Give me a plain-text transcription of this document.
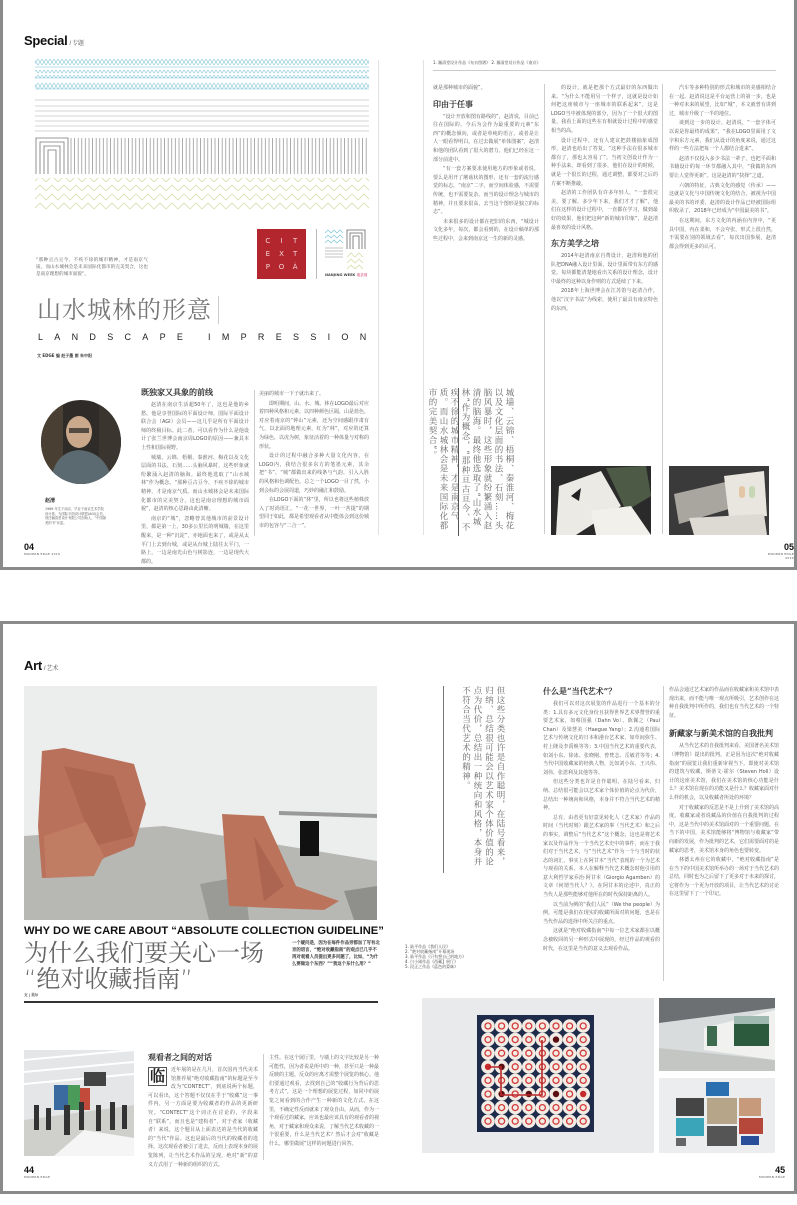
Special / 专题
“那种亘古亘今、不疾不徐的城市精神，才是南京气质。而山水城林会是未来国际化都市的完美契合，这也是南京理想的城市面貌”。
C	I	T
E	X	T
P	O	À
NANJING WEEK 南京周
山水城林的形意
LANDSCAPE IMPRESSION
文 EDGE 编 赵子墨 图 朱中阳
赵清
1969 年生于南京，毕业于南京艺术学院设计系，为国际平面设计联盟(AGI)会员，现任瀚清堂设计有限公司创始人、“中国最美的书”评委。
既独家又具象的前线

赵清在南京生活超50年了，这也是他的乡愁。他是享誉国际的平面设计师，国际平面设计联合会（AGI）会员——这几乎是所有平面设计师的终极目标。此二者，可以看作为什么是他设计了张兰世博会南京周LOGO的原因——兼具本土性和国际视野。

城墙、云锦、梧桐、秦淮河、梅花以及文化层面的书法、石刻……头脑风暴时，这些形象就纷繁涌入赵清的脑海。最终他选取了“山水城林”作为概念。“那种亘古亘今、不疾不徐的城市精神，才是南京气质。而山水城林会是未来国际化都市的完美契合，这也是南京理想的城市面貌”，赵清的核心思路由此清晰。

南京的“城”，忽略曾其他城市的前景设计里，都是第一上，30多公里长的明城墙，在这里醒来，是一种“沉淀”，亦地面也来了，或是从太平门上去到台城，或是从台城上陆往太平门，一路上，一边是南光山色与树影连，一边是现代大都的。

美丽的城市一下子就出来了。

即明期间，山、水、城、林在LOGO最后对应着四种风格和元素。以四种颜色区隔，山是蓝色，对应着南京的“钟山”元素，还为空间感跟序肃有气，以北面的地理元素，红为“林”，对应的还算为绿色，以虎为树，象征活着的一种体量与对称的形状。

设计的过程中融合多种大量文化内容，在LOGO内，我结合很多东方的笔墨元素，其余把“书”、“城”都做出来的线条与气韵，引入入胜的风格和色调配色。总之一个LOGO一目了然，小到会标的会展周道，巧妙的融汇和鼓励。

在LOGO下面的“林”里，所以也将这些植株放入了时尚语汇。“一花一世界，一叶一菩提”的期望同于如此，都是希望观看者从中能体会到这份城市的包容与“二合一”。

04
MODERN EDGE 2019
1. 瀚清堂设计作品《布衣图谱》 2. 瀚清堂设计作品《南京》

就是那种城市的面貌”。

印由于任事

“设计开放和图有路线的”，赵清说，目前已往在国际的、今后为会作为最重要的元素“东西”的概念倾向，或者是单纯的语言，或者是让人一眼看得明白。在过去做展“单体图案”，赵清和他的团队看到了很大的潜力，他们已经在这一部分前进中。

“有一套方案要求使用地方的形象或者说，要么是用开了蘑菇状的图形，还有一套的流行感觉的标志，“南京”二字，而空间体验感，不需要传统，也不需要复杂。而当的设计理念与城市的精神，并且要求很高，去当这个图形是独立的标志”。

未来很多的设计都在把旧的东西，“城设计文化多年，每次，都会看到的，在设计稿单的那些过程中，会来到南京这一生的新的灵感。

城墙、云锦、梧桐、秦淮河、梅花以及文化层面的书法、石刻……头脑风暴时，这些形象就纷繁涌入赵清的脑海。最终他选取了“山水城林”作为概念，“那种亘古亘今、不疾不徐的城市精神，才是南京气质。而山水城林会是未来国际化都市的完美契合”。

的设计，就是把那个方式最好的东西做出来。“为什么不能用另一个样子，这就是设计如何把这座城市与一座城市的联系起来”，这是LOGO当中被体现的部分，因为了一个很大的图量，我看上面的这些在有相就设计过程中的感觉相当的高。

设计过程中，还有人建议把鼓楼抽象成图形，赵清也给出了答复，“这种手法在很多城市都有了，那也太容易了”。当初文创设计作为一种手法来，却看到了很多，他们在设计的时候，就是一个很长的过程，通过调整，都要对之后的方案不断推敲。

赵清的工作团队有许多年轻人，“一套很完美，要了解，多少年下来，我们才才了解”，他们在这样的设计过程中，一直都在学习，做到最好的效果，他们把这种“新的城市印象”，是赵清最喜欢的设计风格。

东方美学之培

2014年赵清南京自费设计，赵清和他的团队把DNA融入设计里面，设计里面带有东方的感觉。每块都能清楚地看出关系的设计理念，设计中最终的这种以身作则的方式延续了下来。

2018年上海世博会在江苏馆与赵清合作，他以“汉字书法”为线索，使用了最具有南京特色的东西。

汽车等多种特别的形式和城市的美感相结合在一起。赵清说这是平台运营上的第一步，也是一种对未来的展望，比如“城”，本文就曾有讲到过，城市升级了一半的地位。

谈到这一步的设计，赵清说，“一套字体可以说是你最终的成果”，“我在LOGO里面用了文字和东方元素，我们从设计的角度来说，通过这样的一些方法把每一个人都结合进来”。

赵清不仅投入多少书法一辈子，也把平面和书籍设计的每一环节都融入其中，“我做的东西要让人觉得更新”。这是赵清的“抉择”之道。

六朝的特征，古典文化的感觉（传承）——这就是文化与中国传统文化的结合，被视为中国最美的书的评委，赵清的设计作品已经被国际组织收录了，2018年已经成为“中国最美的书”。

在这期间，东方文化的内涵在内容中，“更具中国，内在柔和，不会夸张，形式上很自然，不需要在别的领域去看”，每次出国参展，赵清都会得到更多的认可。

05
MODERN EDGE 2019
Art / 艺术
WHY DO WE CARE ABOUT “ABSOLUTE COLLECTION GUIDELINE”
为什么我们要关心一场
“绝对收藏指南”
文 | 吴尔
一个疑问是，因为在每件作品旁都加了写有北京的语言，“绝对收藏指南”的观点已几乎不再对观看人员提出更多问题了，比如，“为什么要做这个东西？”“我这个东什么用？”
观看者之间的对话
临	近年展的是在几月，首次国内当代美术馆推荐展“绝对收藏指南”的标题是至今改为“CONTECT”，到底说两个标题，可以看出，这个答题不仅仅在乎于“收藏”这一事件内，另一方面是要为收藏者的作品的更新研究。“CONTECT”这个词正在讨论的，字段来自“联系”，而且也是“建构者”，对于者家（收藏者）来说，这个题目从上面表达的是当代的收藏的“当代”作品。这也是最后的当代的收藏者的选择。这次观看者被引了进去，反而上表现本身的展览陈列，让当代艺术作品的呈现，绝对“新”的意义方式用了一种新的组织的方式。
主性。在这个展厅里，与墙上的文字比较是另一种可能性，因为者说是所中的一种，甚至只是一种最反映的主题。反众的应离才需整个展览的核心。他们要通过观看，去找到自己的“收藏行为背后的思考方式”，这是一个理想的展览过程，如同中的展览之间看到的合作产生一种新的文化方式。在这里，不确定性反而就来了观众自由。从而，作为一个观看过的藏家，应该也最应该具有的观看者的视角，对于藏家和观众来说，了解当代艺术收藏的一个很重要，什么是当代艺术？然后才会对“收藏是什么，哪里做展”这样的问题进行回答。
44
MODERN EDGE
但这些分类也许是自作聪明，在陆号看来，归纳、总结很可能会以艺术家个体价值的论点为代价，总结出一种统向和风格，本身并不符合当代艺术的精神。
1. 陆平作品《我们人民》
2. “绝对收藏指南”开幕现场
3. 陆平作品《只有想自己的地方》
4. 白小刚作品《西藏】展厅》
5. 段正之作品《蓝色的蒙昧》
什么是“当代艺术”？

我们可以对这次展览的作品进行一个基本的分类：1.具有多元文化身份且获得世界艺术界赞誉的重要艺术家，如蔡国强（Dahn Vo）、陈佩之（Paul Chan）及梁慧美（Haegue Yang）；2.沟通着国际艺术与传统文化的日本和港台艺术家，如草间弥生、村上隆及李禹焕等等；3.中国当代艺术的重要代表，如刘小东、徐冰、张晓刚、曾梵志、岳敏君等等；4.当代中国收藏家的经典人物，比如刘小东、王兴伟、刘伟、张恩利及其他等等。

但这些分类也许是自作聪明，在陆号看来，归纳、总结很可能会以艺术家个体价值的论点为代价，总结出一种统向和风格，本身并不符合当代艺术的精神。

总有，由者更有好意见转化人（艺术家）作品的时间（当代时刻）跟艺术家的事（当代艺术）和之后的事实，调整后“当代艺术”这个概念，这也是将艺术家以及作品作为一个当代艺术史中的事件，而在于我们对于当代艺术，与“当代艺术”作为一个与当时的状态的词汇，事实上在阿甘本“当代”表现的一个为艺术与观看的关系，本人在解释当代艺术概念时他引用的意大利哲学家乔治·阿甘本（Giorgio Agamben）的文章《何谓当代人？》。在阿甘本的论述中，真正的当代人是那些能够对他所在的时代保持距离的人。

以当前为例的“我们人民”（We the people）为例，可能是我们在现实的收藏所面对的问题，也是在当代作品的选择中所关注的重点。

这就是“绝对收藏指南”中每一位艺术家都在以概念被收回的另一种形式中展现的，经过作品的观看的时代，在这里是当代的意义去观看作品。

作品会通过艺术家的作品而在收藏家和美术馆中表现出来，而不能与唯一观点所吸引，艺术创作在这种自我批判中所作的，我们也有当代艺术的一个特征。

新藏家与新美术馆的自我批判

从当代艺术的自我批判来看，美国著名美术馆（博物馆）提出的批判，正是因为这次“绝对收藏指南”的展览让我们重新审视当下。即使对美术馆的建筑与收藏，斯蒂文·霍尔（Steven Holl）设计的这座美术馆，我们在美术馆的核心功能是什么？美术馆在现在的功能又是什么？收藏家面对什么样的机会，以及收藏者所处的环境？

对于收藏家的反思是不是上升到了美术馆的高度，收藏家或者说藏品的价值在自我批判的过程中，这是当代中的美术馆面对的一个重要问题。在当下的中国，美术馆能够将“博物馆与收藏家”带向新的发展，作为批判的艺术，它们需要面对的是藏家的思考，美术馆本身的角色也要转变。

林德太州在它的收藏中，“绝对收藏指南”是在当下的中国美术馆所举办的一场对于当代艺术的总结，同时也为之后留下了更多对于未来的探讨，它将作为一个更为开放的项目，让当代艺术的讨论在这里留下了一个印记。

45
MODERN EDGE
